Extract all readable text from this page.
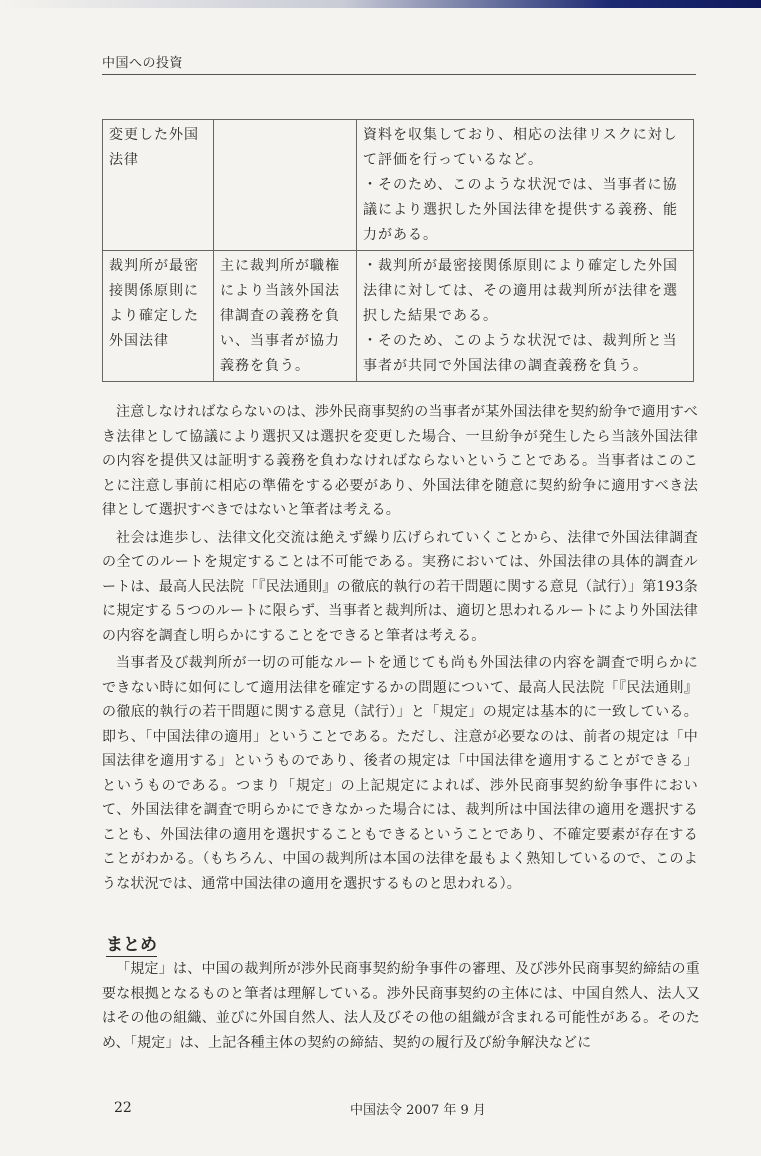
中国への投資

変更した外国法律		資料を収集しており、相応の法律リスクに対して評価を行っているなど。

・そのため、このような状況では、当事者に協議により選択した外国法律を提供する義務、能力がある。

裁判所が最密接関係原則により確定した外国法律	主に裁判所が職権により当該外国法律調査の義務を負い、当事者が協力義務を負う。	・裁判所が最密接関係原則により確定した外国法律に対しては、その適用は裁判所が法律を選択した結果である。

・そのため、このような状況では、裁判所と当事者が共同で外国法律の調査義務を負う。

注意しなければならないのは、渉外民商事契約の当事者が某外国法律を契約紛争で適用すべき法律として協議により選択又は選択を変更した場合、一旦紛争が発生したら当該外国法律の内容を提供又は証明する義務を負わなければならないということである。当事者はこのことに注意し事前に相応の準備をする必要があり、外国法律を随意に契約紛争に適用すべき法律として選択すべきではないと筆者は考える。

社会は進歩し、法律文化交流は絶えず繰り広げられていくことから、法律で外国法律調査の全てのルートを規定することは不可能である。実務においては、外国法律の具体的調査ルートは、最高人民法院「『民法通則』の徹底的執行の若干問題に関する意見（試行）」第193条に規定する５つのルートに限らず、当事者と裁判所は、適切と思われるルートにより外国法律の内容を調査し明らかにすることをできると筆者は考える。

当事者及び裁判所が一切の可能なルートを通じても尚も外国法律の内容を調査で明らかにできない時に如何にして適用法律を確定するかの問題について、最高人民法院「『民法通則』の徹底的執行の若干問題に関する意見（試行）」と「規定」の規定は基本的に一致している。即ち、「中国法律の適用」ということである。ただし、注意が必要なのは、前者の規定は「中国法律を適用する」というものであり、後者の規定は「中国法律を適用することができる」というものである。つまり「規定」の上記規定によれば、渉外民商事契約紛争事件において、外国法律を調査で明らかにできなかった場合には、裁判所は中国法律の適用を選択することも、外国法律の適用を選択することもできるということであり、不確定要素が存在することがわかる。（もちろん、中国の裁判所は本国の法律を最もよく熟知しているので、このような状況では、通常中国法律の適用を選択するものと思われる）。

まとめ

「規定」は、中国の裁判所が渉外民商事契約紛争事件の審理、及び渉外民商事契約締結の重要な根拠となるものと筆者は理解している。渉外民商事契約の主体には、中国自然人、法人又はその他の組織、並びに外国自然人、法人及びその他の組織が含まれる可能性がある。そのため、「規定」は、上記各種主体の契約の締結、契約の履行及び紛争解決などに

22	中国法令 2007 年 9 月
